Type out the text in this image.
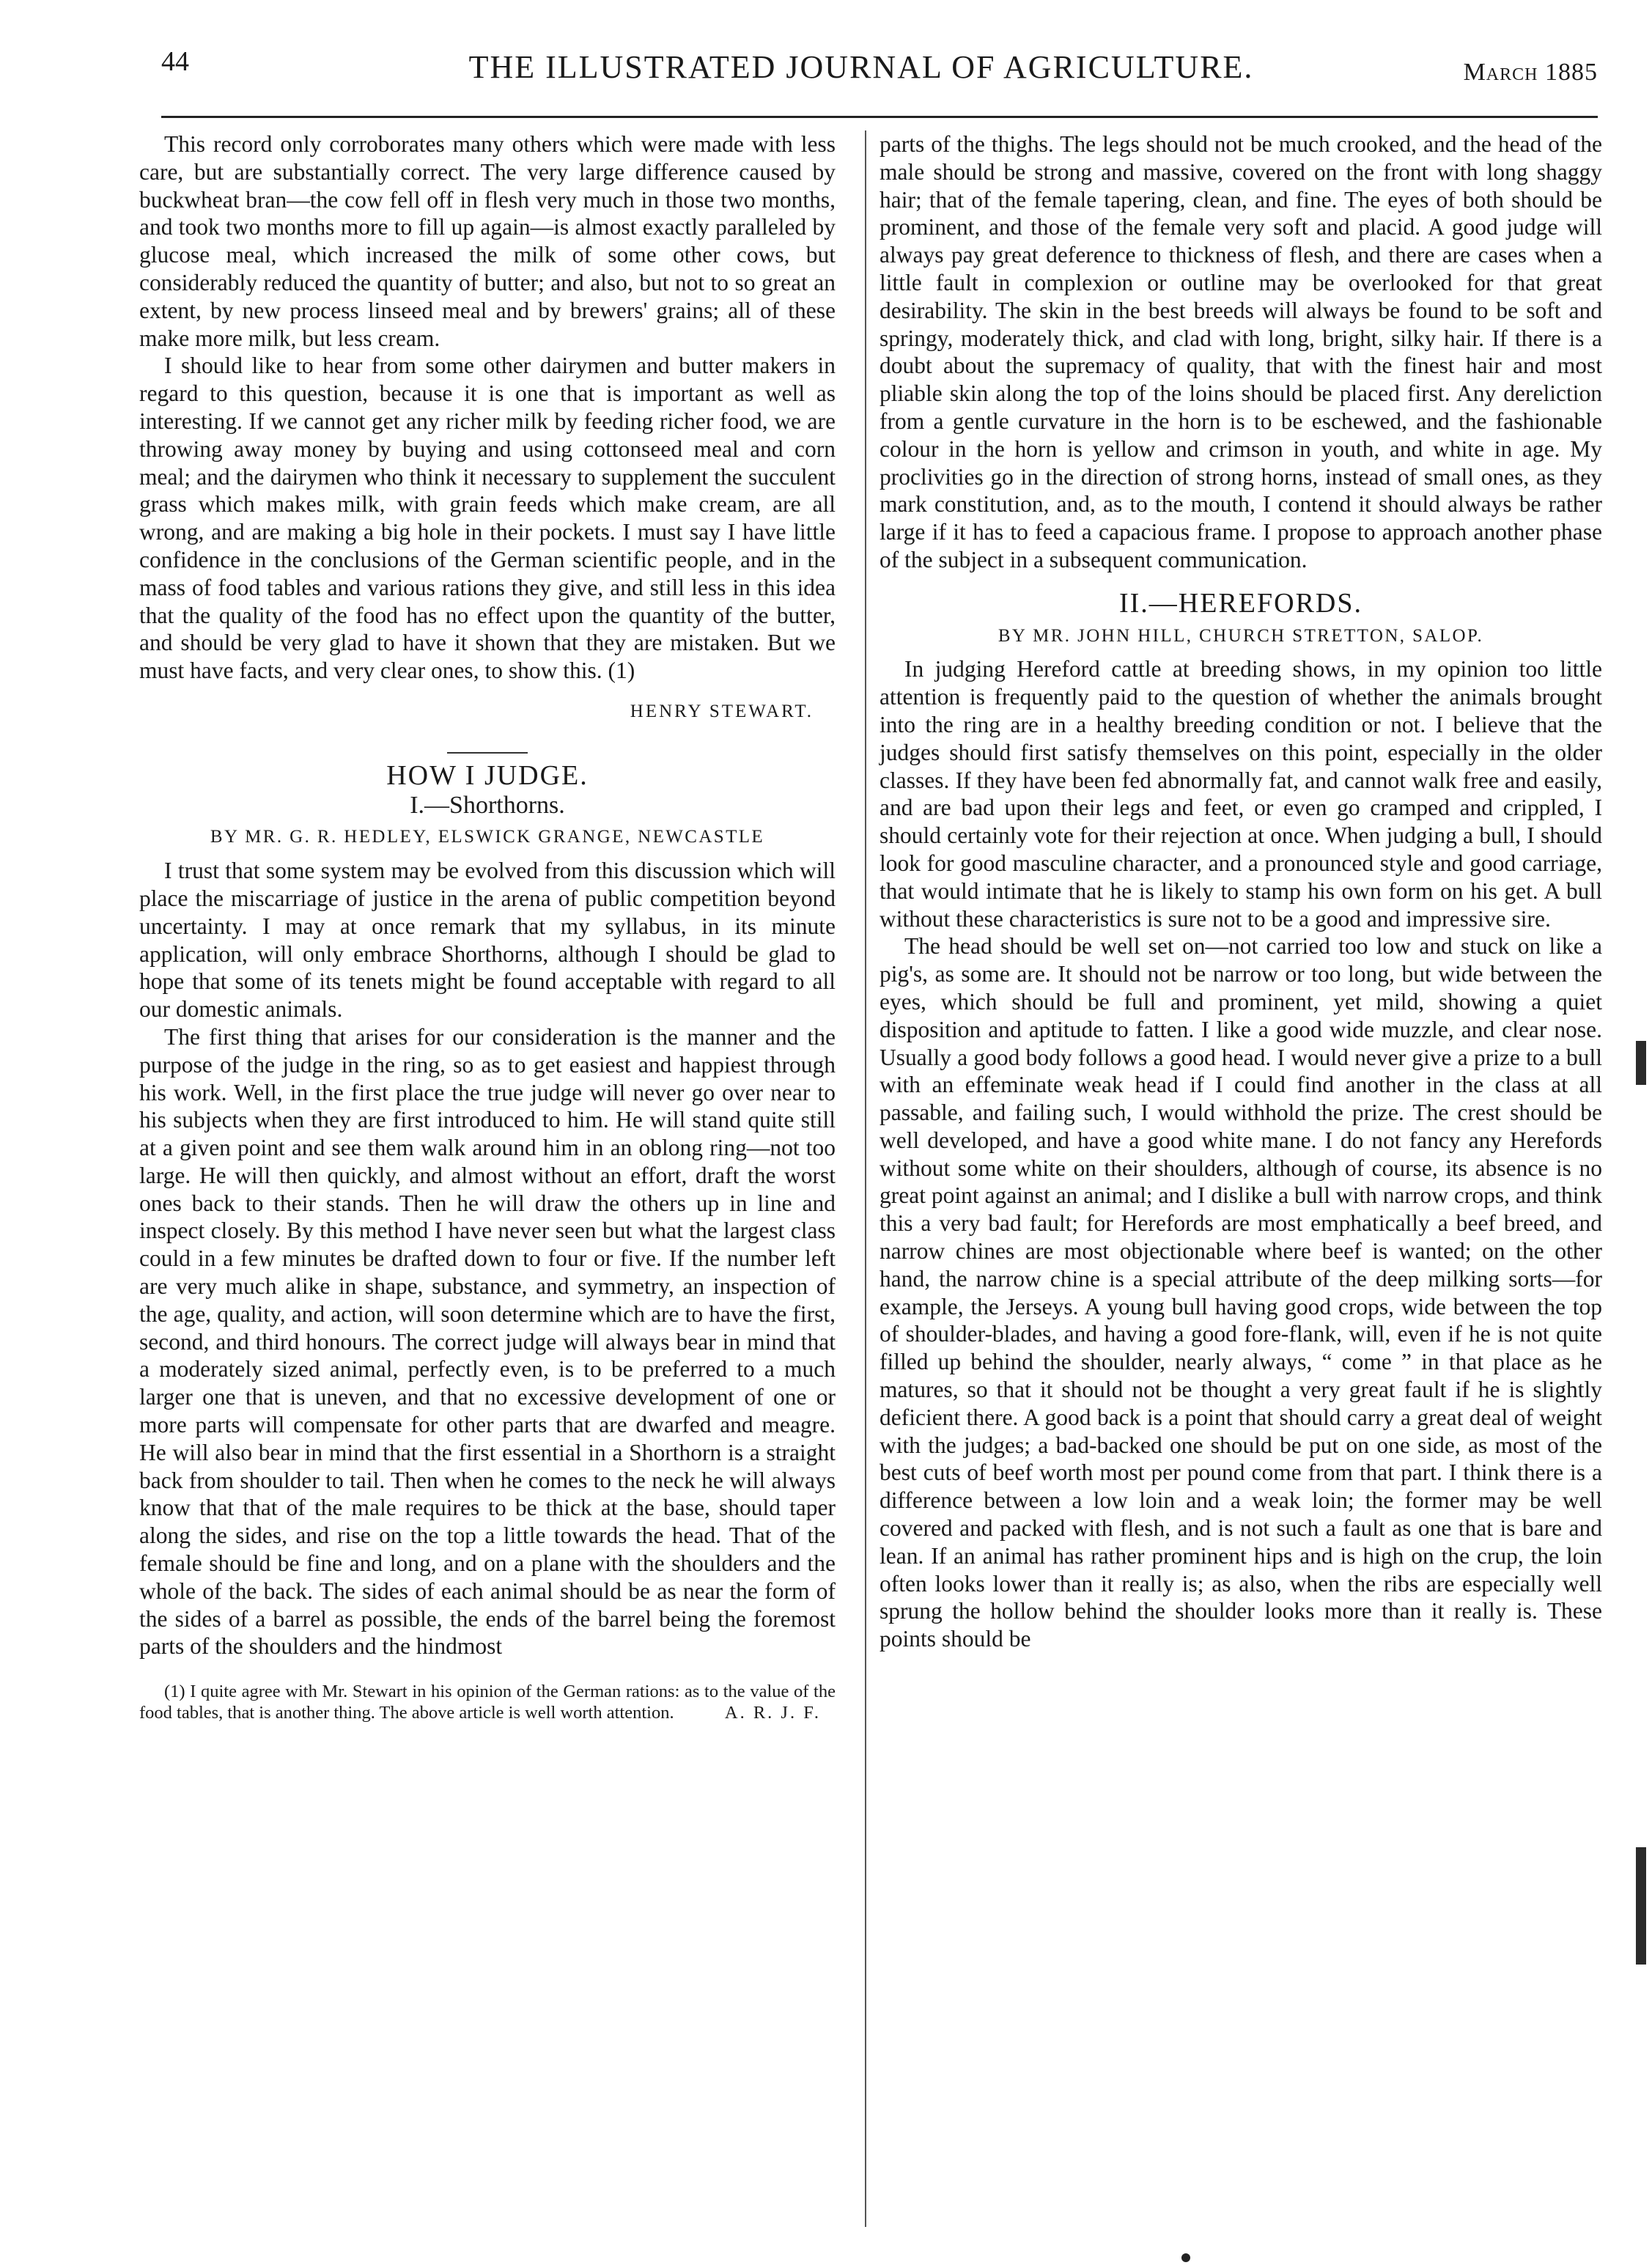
44	THE ILLUSTRATED JOURNAL OF AGRICULTURE.	March 1885

This record only corroborates many others which were made with less care, but are substantially correct. The very large difference caused by buckwheat bran—the cow fell off in flesh very much in those two months, and took two months more to fill up again—is almost exactly paralleled by glucose meal, which increased the milk of some other cows, but considerably reduced the quantity of butter; and also, but not to so great an extent, by new process linseed meal and by brewers' grains; all of these make more milk, but less cream.

I should like to hear from some other dairymen and butter makers in regard to this question, because it is one that is important as well as interesting. If we cannot get any richer milk by feeding richer food, we are throwing away money by buying and using cottonseed meal and corn meal; and the dairymen who think it necessary to supplement the succulent grass which makes milk, with grain feeds which make cream, are all wrong, and are making a big hole in their pockets. I must say I have little confidence in the conclusions of the German scientific people, and in the mass of food tables and various rations they give, and still less in this idea that the quality of the food has no effect upon the quantity of the butter, and should be very glad to have it shown that they are mistaken. But we must have facts, and very clear ones, to show this. (1)

HENRY STEWART.
HOW I JUDGE.
I.—Shorthorns.
BY MR. G. R. HEDLEY, ELSWICK GRANGE, NEWCASTLE

I trust that some system may be evolved from this discussion which will place the miscarriage of justice in the arena of public competition beyond uncertainty. I may at once remark that my syllabus, in its minute application, will only embrace Shorthorns, although I should be glad to hope that some of its tenets might be found acceptable with regard to all our domestic animals.

The first thing that arises for our consideration is the manner and the purpose of the judge in the ring, so as to get easiest and happiest through his work. Well, in the first place the true judge will never go over near to his subjects when they are first introduced to him. He will stand quite still at a given point and see them walk around him in an oblong ring—not too large. He will then quickly, and almost without an effort, draft the worst ones back to their stands. Then he will draw the others up in line and inspect closely. By this method I have never seen but what the largest class could in a few minutes be drafted down to four or five. If the number left are very much alike in shape, substance, and symmetry, an inspection of the age, quality, and action, will soon determine which are to have the first, second, and third honours. The correct judge will always bear in mind that a moderately sized animal, perfectly even, is to be preferred to a much larger one that is uneven, and that no excessive development of one or more parts will compensate for other parts that are dwarfed and meagre. He will also bear in mind that the first essential in a Shorthorn is a straight back from shoulder to tail. Then when he comes to the neck he will always know that that of the male requires to be thick at the base, should taper along the sides, and rise on the top a little towards the head. That of the female should be fine and long, and on a plane with the shoulders and the whole of the back. The sides of each animal should be as near the form of the sides of a barrel as possible, the ends of the barrel being the foremost parts of the shoulders and the hindmost

(1) I quite agree with Mr. Stewart in his opinion of the German rations: as to the value of the food tables, that is another thing. The above article is well worth attention.	A. R. J. F.

parts of the thighs. The legs should not be much crooked, and the head of the male should be strong and massive, covered on the front with long shaggy hair; that of the female tapering, clean, and fine. The eyes of both should be prominent, and those of the female very soft and placid. A good judge will always pay great deference to thickness of flesh, and there are cases when a little fault in complexion or outline may be overlooked for that great desirability. The skin in the best breeds will always be found to be soft and springy, moderately thick, and clad with long, bright, silky hair. If there is a doubt about the supremacy of quality, that with the finest hair and most pliable skin along the top of the loins should be placed first. Any dereliction from a gentle curvature in the horn is to be eschewed, and the fashionable colour in the horn is yellow and crimson in youth, and white in age. My proclivities go in the direction of strong horns, instead of small ones, as they mark constitution, and, as to the mouth, I contend it should always be rather large if it has to feed a capacious frame. I propose to approach another phase of the subject in a subsequent communication.

II.—HEREFORDS.
BY MR. JOHN HILL, CHURCH STRETTON, SALOP.

In judging Hereford cattle at breeding shows, in my opinion too little attention is frequently paid to the question of whether the animals brought into the ring are in a healthy breeding condition or not. I believe that the judges should first satisfy themselves on this point, especially in the older classes. If they have been fed abnormally fat, and cannot walk free and easily, and are bad upon their legs and feet, or even go cramped and crippled, I should certainly vote for their rejection at once. When judging a bull, I should look for good masculine character, and a pronounced style and good carriage, that would intimate that he is likely to stamp his own form on his get. A bull without these characteristics is sure not to be a good and impressive sire.

The head should be well set on—not carried too low and stuck on like a pig's, as some are. It should not be narrow or too long, but wide between the eyes, which should be full and prominent, yet mild, showing a quiet disposition and aptitude to fatten. I like a good wide muzzle, and clear nose. Usually a good body follows a good head. I would never give a prize to a bull with an effeminate weak head if I could find another in the class at all passable, and failing such, I would withhold the prize. The crest should be well developed, and have a good white mane. I do not fancy any Herefords without some white on their shoulders, although of course, its absence is no great point against an animal; and I dislike a bull with narrow crops, and think this a very bad fault; for Herefords are most emphatically a beef breed, and narrow chines are most objectionable where beef is wanted; on the other hand, the narrow chine is a special attribute of the deep milking sorts—for example, the Jerseys. A young bull having good crops, wide between the top of shoulder-blades, and having a good fore-flank, will, even if he is not quite filled up behind the shoulder, nearly always, “ come ” in that place as he matures, so that it should not be thought a very great fault if he is slightly deficient there. A good back is a point that should carry a great deal of weight with the judges; a bad-backed one should be put on one side, as most of the best cuts of beef worth most per pound come from that part. I think there is a difference between a low loin and a weak loin; the former may be well covered and packed with flesh, and is not such a fault as one that is bare and lean. If an animal has rather prominent hips and is high on the crup, the loin often looks lower than it really is; as also, when the ribs are especially well sprung the hollow behind the shoulder looks more than it really is. These points should be
